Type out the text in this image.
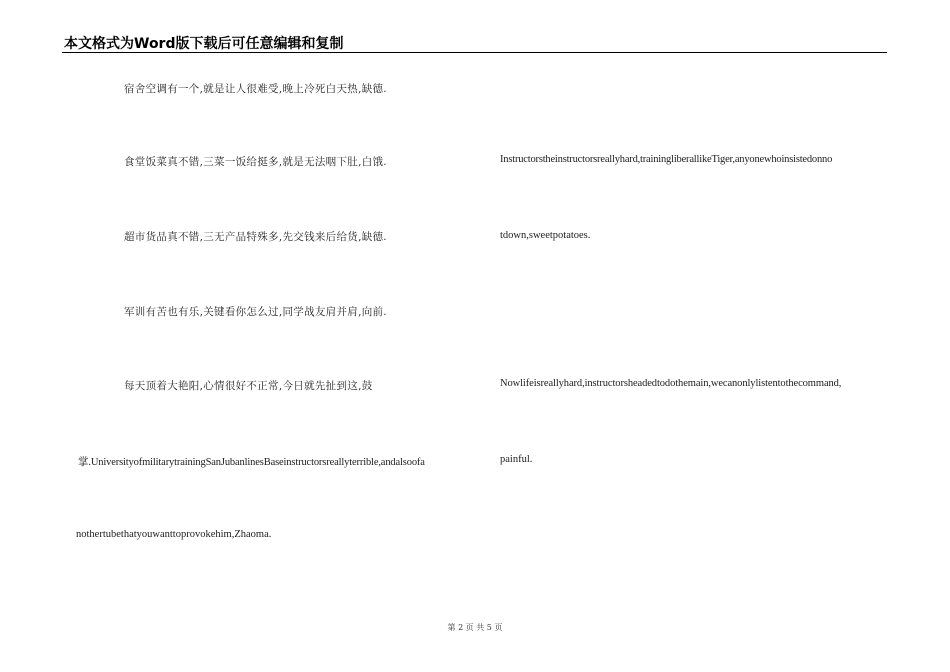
本文格式为Word版下载后可任意编辑和复制
宿舍空调有一个,就是让人很难受,晚上冷死白天热,缺德.
食堂饭菜真不错,三菜一饭给挺多,就是无法咽下肚,白饿.
超市货品真不错,三无产品特殊多,先交钱来后给货,缺德.
军训有苦也有乐,关键看你怎么过,同学战友肩并肩,向前.
每天顶着大艳阳,心情很好不正常,今日就先扯到这,鼓
掌.UniversityofmilitarytrainingSanJubanlinesBaseinstructorsreallyterrible,andalsoofa
nothertubethatyouwanttoprovokehim,Zhaoma.
Instructorstheinstructorsreallyhard,trainingliberallikeTiger,anyonewhoinsistedonno
tdown,sweetpotatoes.
Nowlifeisreallyhard,instructorsheadedtodothemain,wecanonlylistentothecommand,
painful.
第 2 页 共 5 页
